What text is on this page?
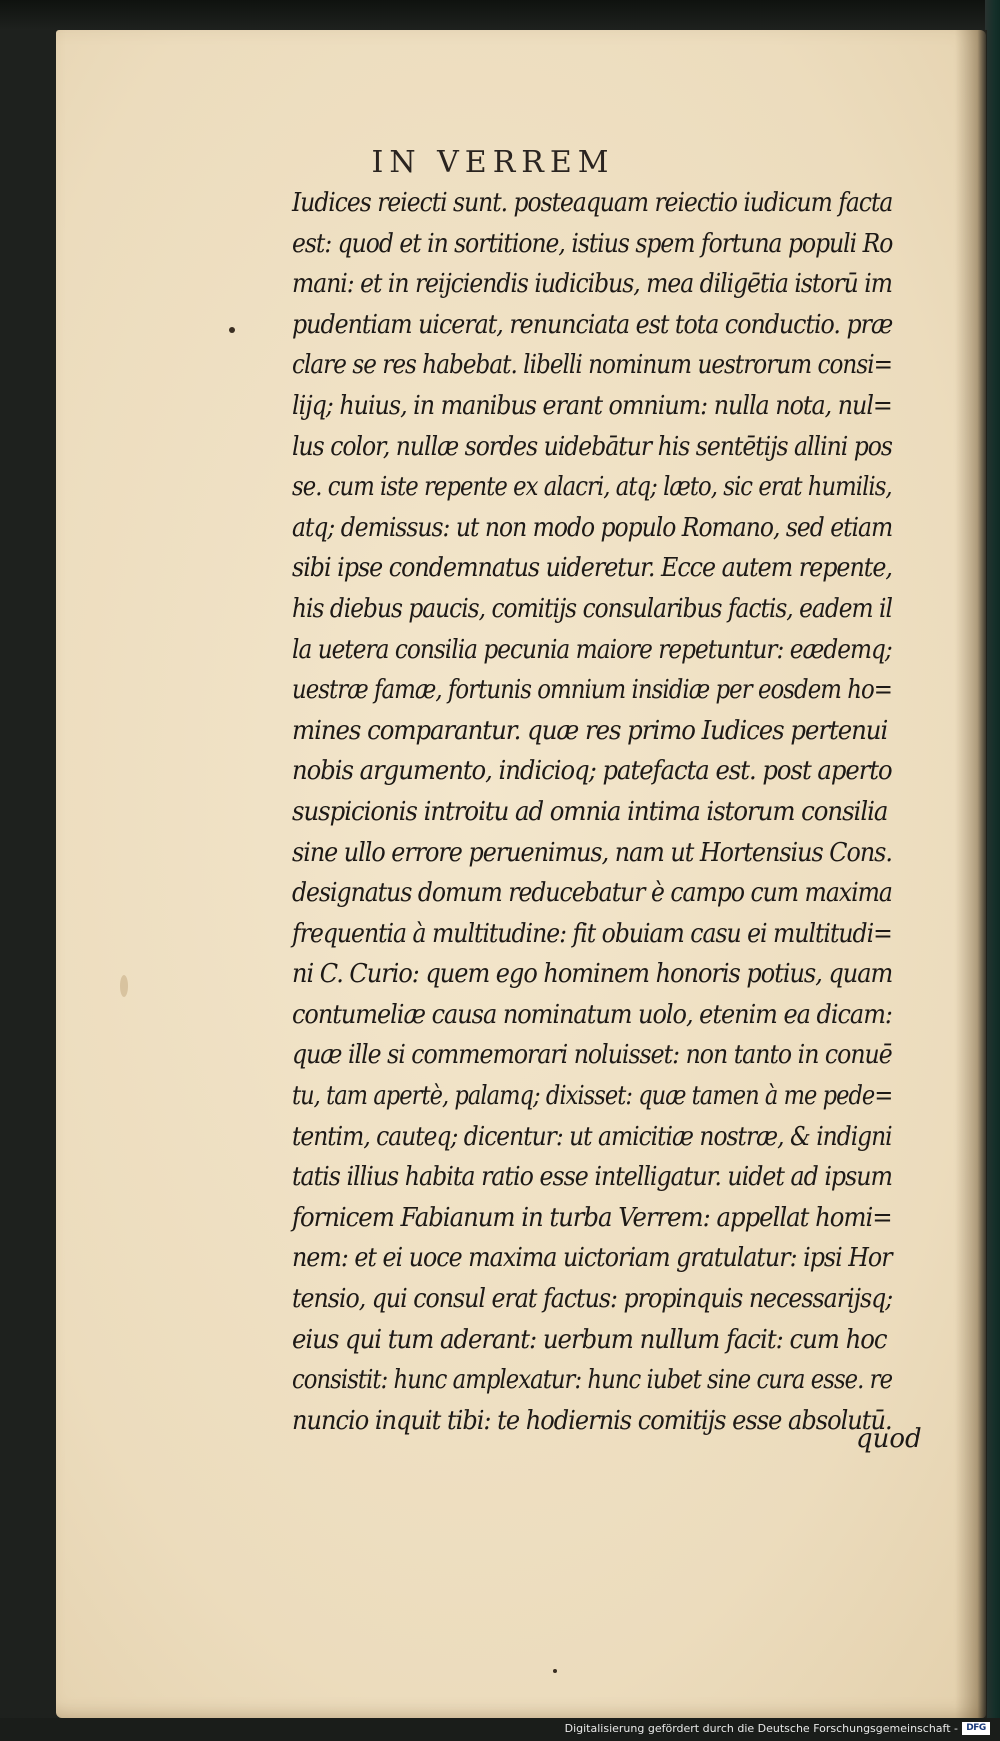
IN VERREM
Iudices reiecti sunt. posteaquam reiectio iudicum facta
est: quod et in sortitione, istius spem fortuna populi Ro
mani: et in reijciendis iudicibus, mea diligētia istorū im
pudentiam uicerat, renunciata est tota conductio. præ
clare se res habebat. libelli nominum uestrorum consi=
lijq; huius, in manibus erant omnium: nulla nota, nul=
lus color, nullæ sordes uidebātur his sentētijs allini pos
se. cum iste repente ex alacri, atq; læto, sic erat humilis,
atq; demissus: ut non modo populo Romano, sed etiam
sibi ipse condemnatus uideretur. Ecce autem repente,
his diebus paucis, comitijs consularibus factis, eadem il
la uetera consilia pecunia maiore repetuntur: eædemq;
uestræ famæ, fortunis omnium insidiæ per eosdem ho=
mines comparantur. quæ res primo Iudices pertenui
nobis argumento, indicioq; patefacta est. post aperto
suspicionis introitu ad omnia intima istorum consilia
sine ullo errore peruenimus, nam ut Hortensius Cons.
designatus domum reducebatur è campo cum maxima
frequentia à multitudine: fit obuiam casu ei multitudi=
ni C. Curio: quem ego hominem honoris potius, quam
contumeliæ causa nominatum uolo, etenim ea dicam:
quæ ille si commemorari noluisset: non tanto in conuē
tu, tam apertè, palamq; dixisset: quæ tamen à me pede=
tentim, cauteq; dicentur: ut amicitiæ nostræ, & indigni
tatis illius habita ratio esse intelligatur. uidet ad ipsum
fornicem Fabianum in turba Verrem: appellat homi=
nem: et ei uoce maxima uictoriam gratulatur: ipsi Hor
tensio, qui consul erat factus: propinquis necessarijsq;
eius qui tum aderant: uerbum nullum facit: cum hoc
consistit: hunc amplexatur: hunc iubet sine cura esse. re
nuncio inquit tibi: te hodiernis comitijs esse absolutū.
quod
Digitalisierung gefördert durch die Deutsche Forschungsgemeinschaft - DFG
